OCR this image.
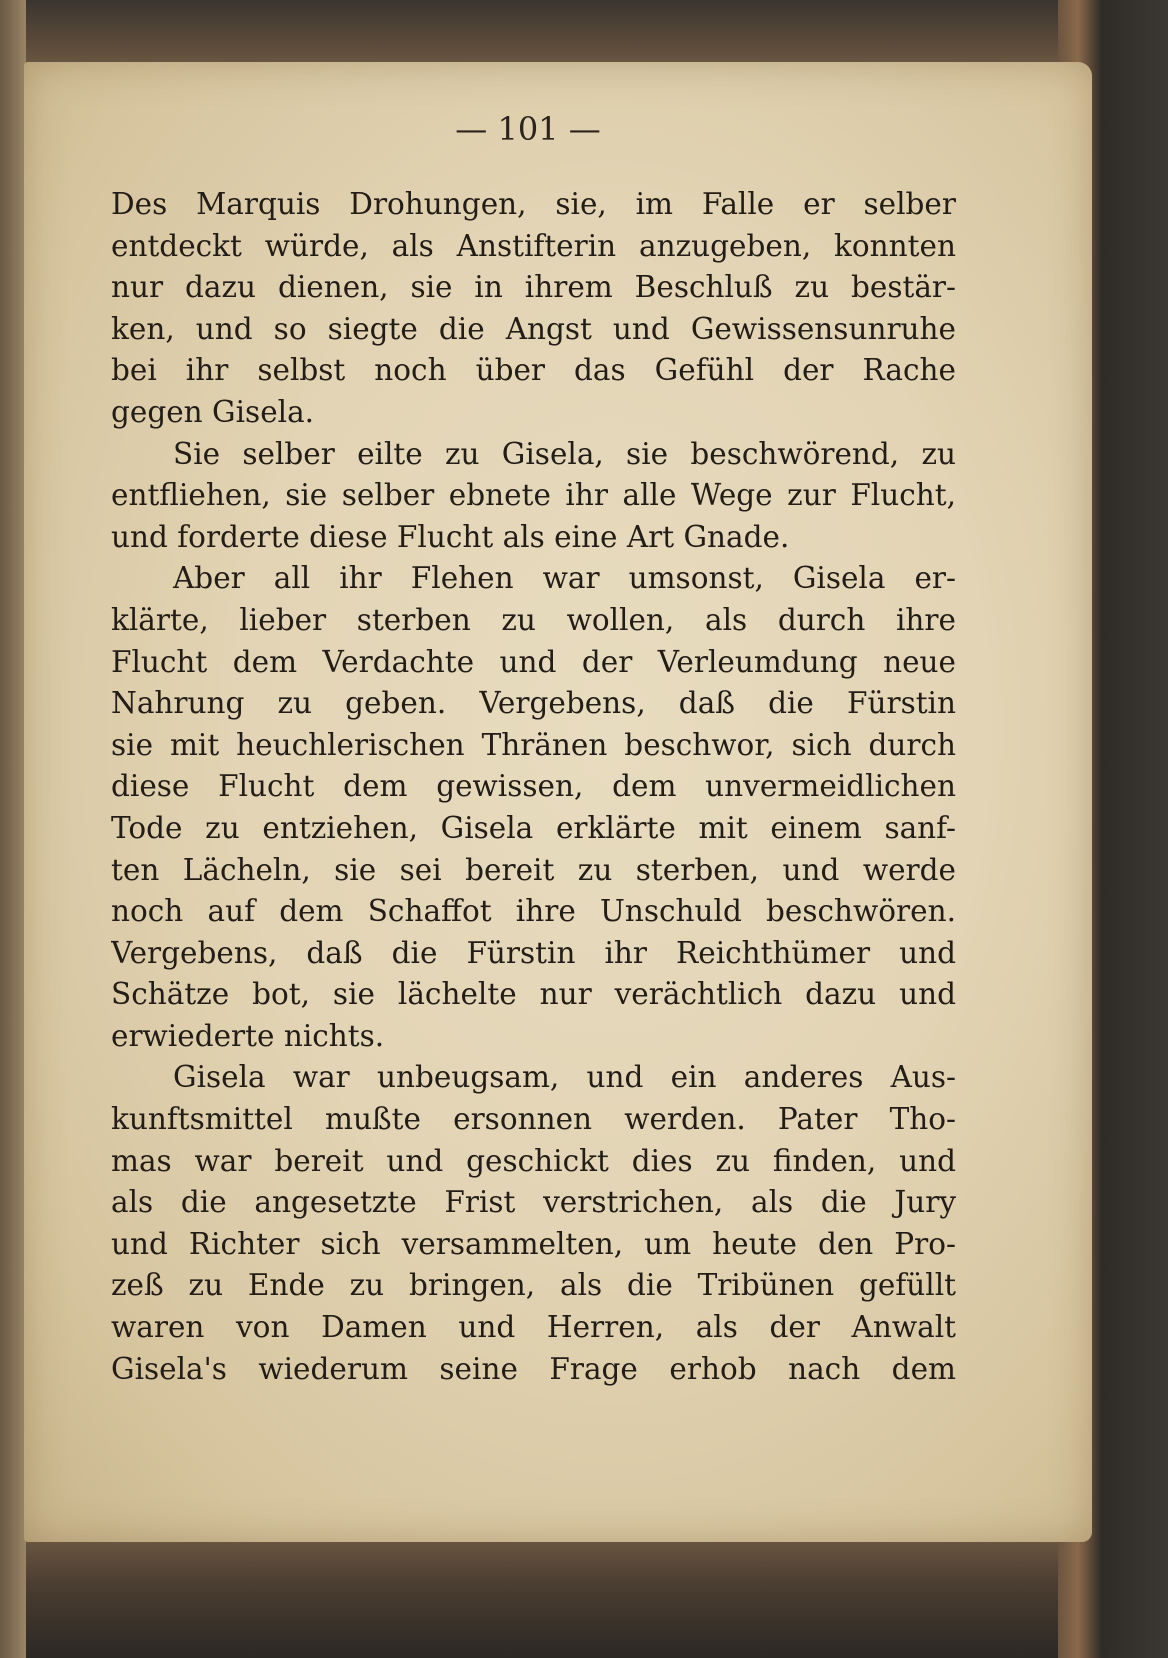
— 101 —
Des Marquis Drohungen, sie, im Falle er selber
entdeckt würde, als Anstifterin anzugeben, konnten
nur dazu dienen, sie in ihrem Beschluß zu bestär-
ken, und so siegte die Angst und Gewissensunruhe
bei ihr selbst noch über das Gefühl der Rache
gegen Gisela.
Sie selber eilte zu Gisela, sie beschwörend, zu
entfliehen, sie selber ebnete ihr alle Wege zur Flucht,
und forderte diese Flucht als eine Art Gnade.
Aber all ihr Flehen war umsonst, Gisela er-
klärte, lieber sterben zu wollen, als durch ihre
Flucht dem Verdachte und der Verleumdung neue
Nahrung zu geben. Vergebens, daß die Fürstin
sie mit heuchlerischen Thränen beschwor, sich durch
diese Flucht dem gewissen, dem unvermeidlichen
Tode zu entziehen, Gisela erklärte mit einem sanf-
ten Lächeln, sie sei bereit zu sterben, und werde
noch auf dem Schaffot ihre Unschuld beschwören.
Vergebens, daß die Fürstin ihr Reichthümer und
Schätze bot, sie lächelte nur verächtlich dazu und
erwiederte nichts.
Gisela war unbeugsam, und ein anderes Aus-
kunftsmittel mußte ersonnen werden. Pater Tho-
mas war bereit und geschickt dies zu finden, und
als die angesetzte Frist verstrichen, als die Jury
und Richter sich versammelten, um heute den Pro-
zeß zu Ende zu bringen, als die Tribünen gefüllt
waren von Damen und Herren, als der Anwalt
Gisela's wiederum seine Frage erhob nach dem
